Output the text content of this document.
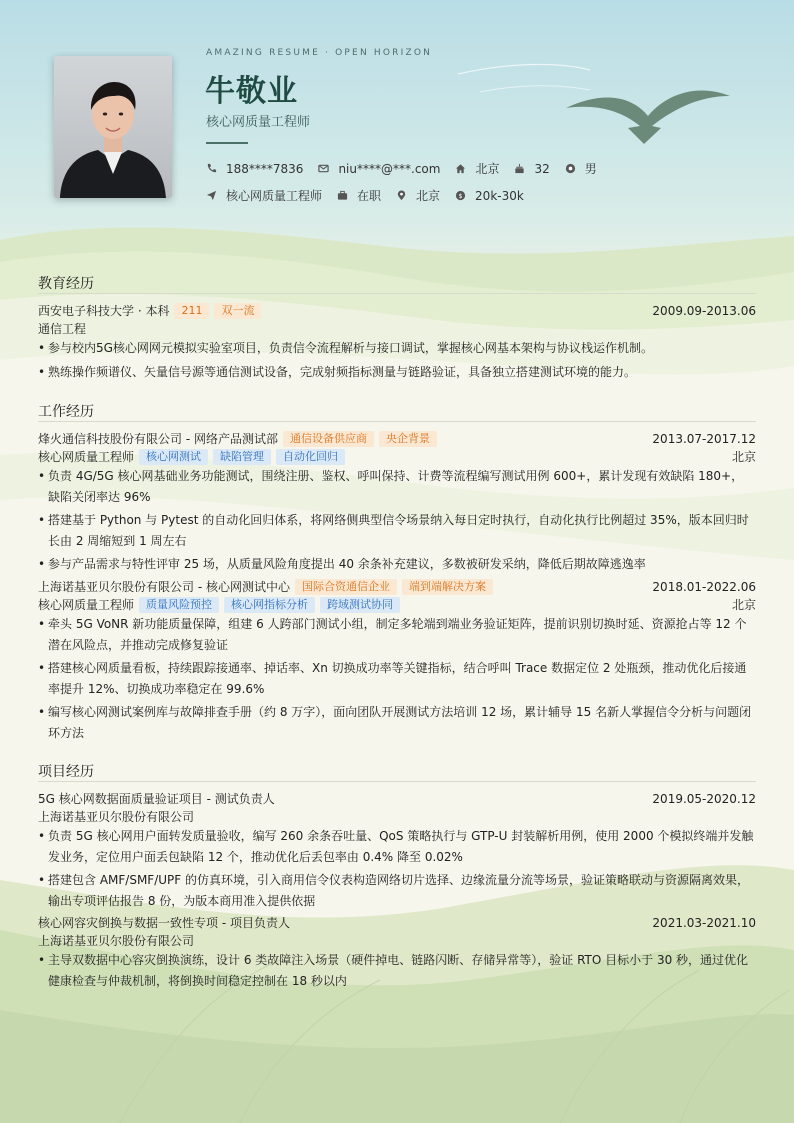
AMAZING RESUME · OPEN HORIZON
牛敬业
核心网质量工程师
188****7836	niu****@***.com	北京	32	男
核心网质量工程师	在职	北京	$ 20k-30k
教育经历
西安电子科技大学 · 本科	211	双一流	2009.09-2013.06
通信工程
• 参与校内5G核心网网元模拟实验室项目，负责信令流程解析与接口调试，掌握核心网基本架构与协议栈运作机制。
• 熟练操作频谱仪、矢量信号源等通信测试设备，完成射频指标测量与链路验证，具备独立搭建测试环境的能力。
工作经历
烽火通信科技股份有限公司 - 网络产品测试部	通信设备供应商	央企背景	2013.07-2017.12
核心网质量工程师	核心网测试	缺陷管理	自动化回归	北京
• 负责 4G/5G 核心网基础业务功能测试，围绕注册、鉴权、呼叫保持、计费等流程编写测试用例 600+，累计发现有效缺陷 180+，缺陷关闭率达 96%
• 搭建基于 Python 与 Pytest 的自动化回归体系，将网络侧典型信令场景纳入每日定时执行，自动化执行比例超过 35%，版本回归时长由 2 周缩短到 1 周左右
• 参与产品需求与特性评审 25 场，从质量风险角度提出 40 余条补充建议，多数被研发采纳，降低后期故障逃逸率
上海诺基亚贝尔股份有限公司 - 核心网测试中心	国际合资通信企业	端到端解决方案	2018.01-2022.06
核心网质量工程师	质量风险预控	核心网指标分析	跨域测试协同	北京
• 牵头 5G VoNR 新功能质量保障，组建 6 人跨部门测试小组，制定多轮端到端业务验证矩阵，提前识别切换时延、资源抢占等 12 个潜在风险点，并推动完成修复验证
• 搭建核心网质量看板，持续跟踪接通率、掉话率、Xn 切换成功率等关键指标，结合呼叫 Trace 数据定位 2 处瓶颈，推动优化后接通率提升 12%、切换成功率稳定在 99.6%
• 编写核心网测试案例库与故障排查手册（约 8 万字），面向团队开展测试方法培训 12 场，累计辅导 15 名新人掌握信令分析与问题闭环方法
项目经历
5G 核心网数据面质量验证项目 - 测试负责人	2019.05-2020.12
上海诺基亚贝尔股份有限公司
• 负责 5G 核心网用户面转发质量验收，编写 260 余条吞吐量、QoS 策略执行与 GTP-U 封装解析用例，使用 2000 个模拟终端并发触发业务，定位用户面丢包缺陷 12 个，推动优化后丢包率由 0.4% 降至 0.02%
• 搭建包含 AMF/SMF/UPF 的仿真环境，引入商用信令仪表构造网络切片选择、边缘流量分流等场景，验证策略联动与资源隔离效果，输出专项评估报告 8 份，为版本商用准入提供依据
核心网容灾倒换与数据一致性专项 - 项目负责人	2021.03-2021.10
上海诺基亚贝尔股份有限公司
• 主导双数据中心容灾倒换演练，设计 6 类故障注入场景（硬件掉电、链路闪断、存储异常等），验证 RTO 目标小于 30 秒，通过优化健康检查与仲裁机制，将倒换时间稳定控制在 18 秒以内
